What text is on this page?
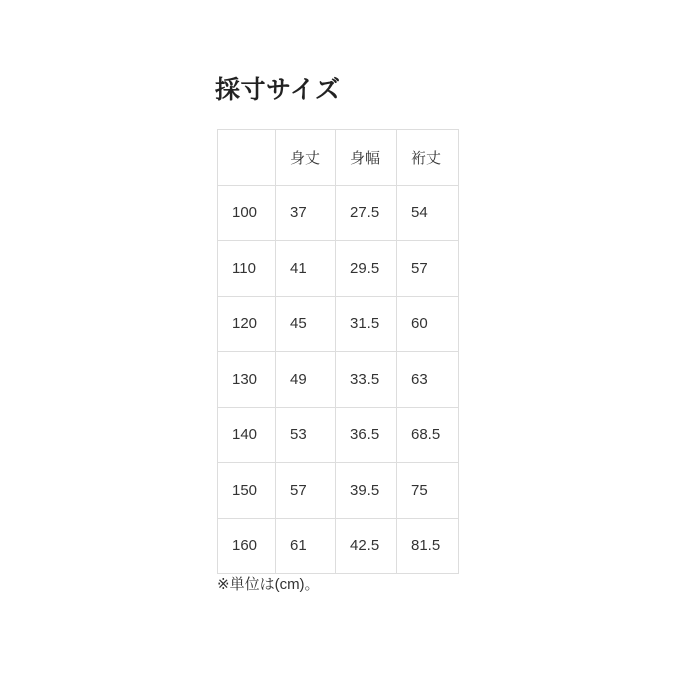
採寸サイズ
	身丈	身幅	裄丈
100	37	27.5	54
110	41	29.5	57
120	45	31.5	60
130	49	33.5	63
140	53	36.5	68.5
150	57	39.5	75
160	61	42.5	81.5

※単位は(cm)。
